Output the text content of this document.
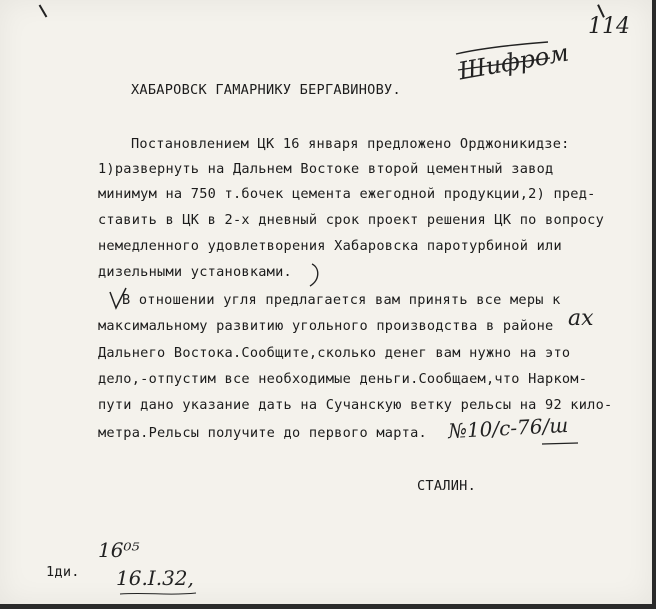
114
Шифром
ХАБАРОВСК ГАМАРНИКУ БЕРГАВИНОВУ.
Постановлением ЦК 16 января предложено Орджоникидзе:
1)развернуть на Дальнем Востоке второй цементный завод
минимум на 750 т.бочек цемента ежегодной продукции,2) пред-
ставить в ЦК в 2-х дневный срок проект решения ЦК по вопросу
немедленного удовлетворения Хабаровска паротурбиной или
дизельными установками.
В отношении угля предлагается вам принять все меры к
максимальному развитию угольного производства в районе ах
Дальнего Востока.Сообщите,сколько денег вам нужно на это
дело,-отпустим все необходимые деньги.Сообщаем,что Нарком-
пути дано указание дать на Сучанскую ветку рельсы на 92 кило-
метра.Рельсы получите до первого марта. №10/с-76/ш
СТАЛИН.
1ди.
16⁰⁵
16.I.32,
